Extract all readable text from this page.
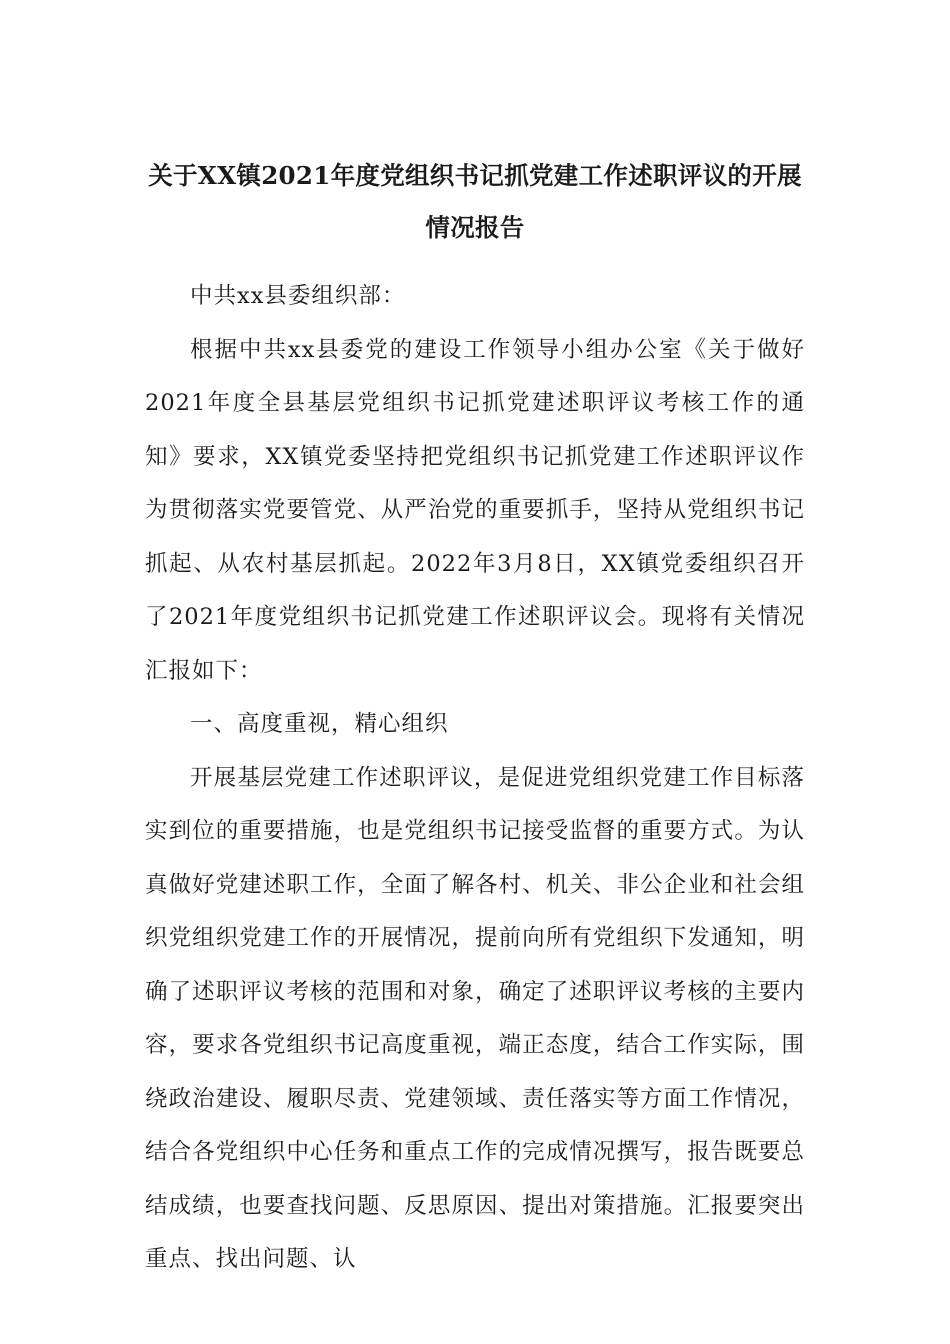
关于XX镇2021年度党组织书记抓党建工作述职评议的开展情况报告

中共xx县委组织部：

根据中共xx县委党的建设工作领导小组办公室《关于做好2021年度全县基层党组织书记抓党建述职评议考核工作的通知》要求，XX镇党委坚持把党组织书记抓党建工作述职评议作为贯彻落实党要管党、从严治党的重要抓手，坚持从党组织书记抓起、从农村基层抓起。2022年3月8日，XX镇党委组织召开了2021年度党组织书记抓党建工作述职评议会。现将有关情况汇报如下：

一、高度重视，精心组织

开展基层党建工作述职评议，是促进党组织党建工作目标落实到位的重要措施，也是党组织书记接受监督的重要方式。为认真做好党建述职工作，全面了解各村、机关、非公企业和社会组织党组织党建工作的开展情况，提前向所有党组织下发通知，明确了述职评议考核的范围和对象，确定了述职评议考核的主要内容，要求各党组织书记高度重视，端正态度，结合工作实际，围绕政治建设、履职尽责、党建领域、责任落实等方面工作情况，结合各党组织中心任务和重点工作的完成情况撰写，报告既要总结成绩，也要查找问题、反思原因、提出对策措施。汇报要突出重点、找出问题、认
